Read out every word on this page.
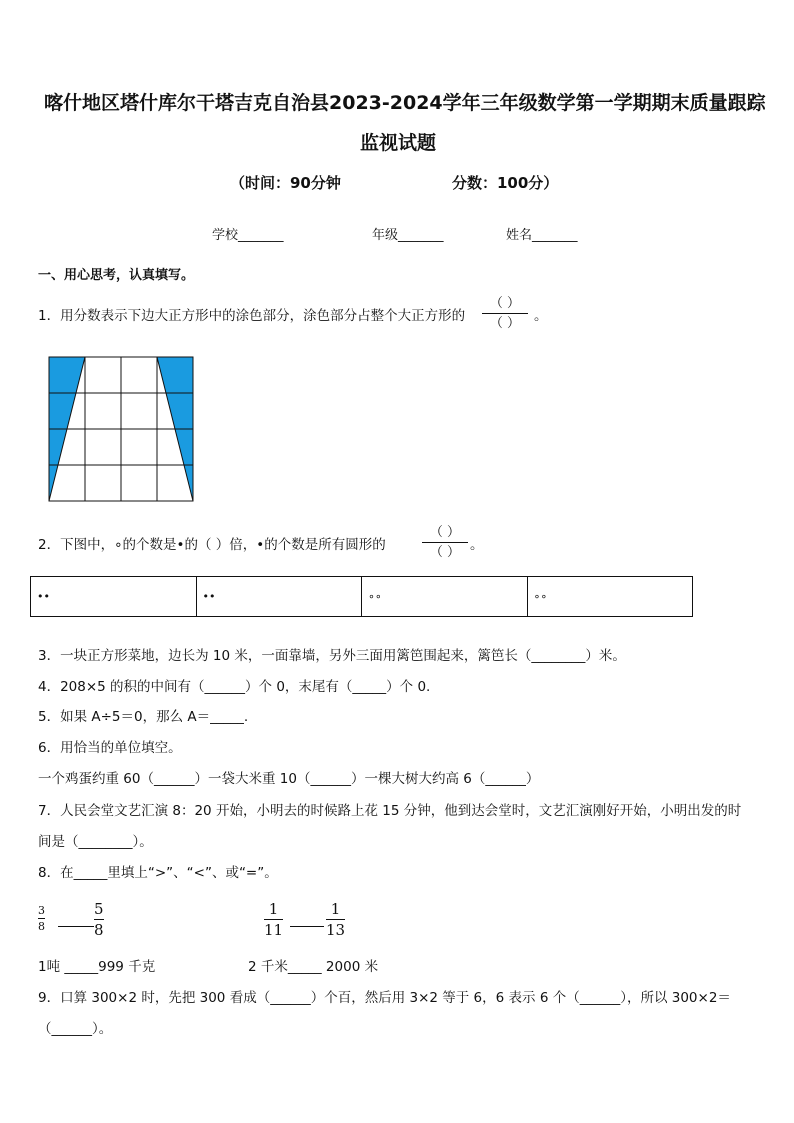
喀什地区塔什库尔干塔吉克自治县2023-2024学年三年级数学第一学期期末质量跟踪
监视试题
（时间：90分钟	分数：100分）
学校_______	年级_______	姓名_______
一、用心思考，认真填写。
1．用分数表示下边大正方形中的涂色部分，涂色部分占整个大正方形的
（ ）
（ ） 。
2．下图中，∘的个数是•的（ ）倍，•的个数是所有圆形的
（ ）
（ ） 。
••	••	∘∘	∘∘
3．一块正方形菜地，边长为 10 米，一面靠墙，另外三面用篱笆围起来，篱笆长（________）米。
4．208×5 的积的中间有（______）个 0，末尾有（_____）个 0.
5．如果 A÷5＝0，那么 A＝_____.
6．用恰当的单位填空。
一个鸡蛋约重 60（______）一袋大米重 10（______）一棵大树大约高 6（______）
7．人民会堂文艺汇演 8：20 开始，小明去的时候路上花 15 分钟，他到达会堂时，文艺汇演刚好开始，小明出发的时
间是（________）。
8．在_____里填上“>”、“<”、或“=”。
3
8
5
8
1
11
1
13
1吨 _____999 千克	2 千米_____ 2000 米
9．口算 300×2 时，先把 300 看成（______）个百，然后用 3×2 等于 6，6 表示 6 个（______），所以 300×2＝
（______）。
